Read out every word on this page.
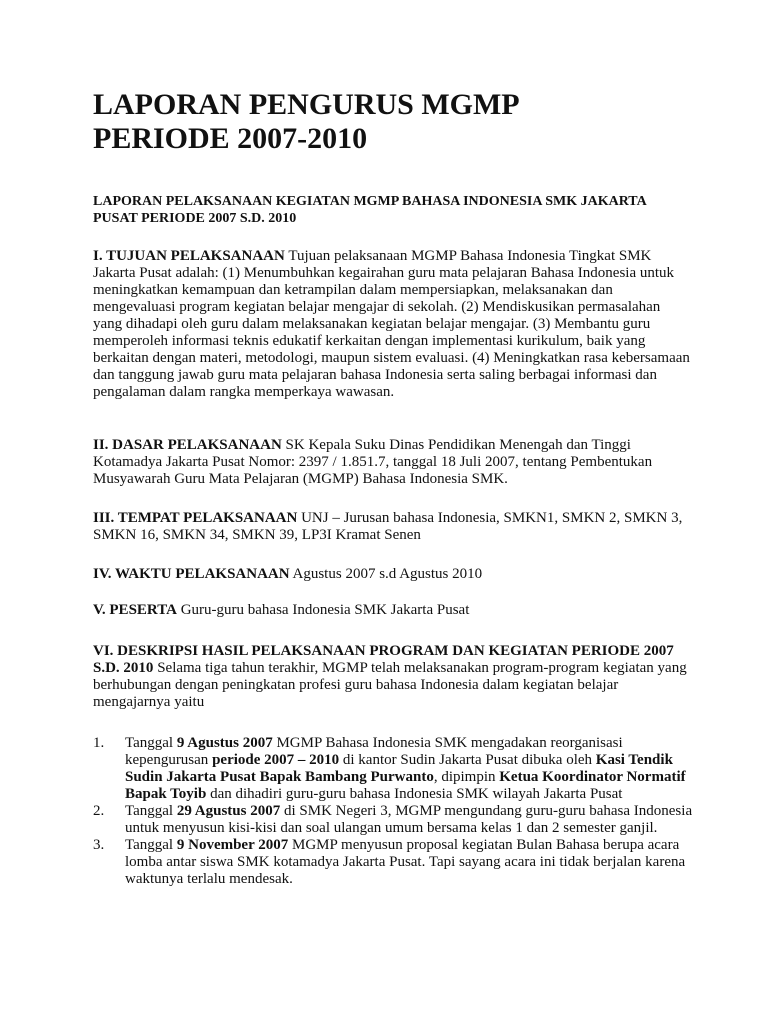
LAPORAN PENGURUS MGMP
PERIODE 2007-2010

LAPORAN PELAKSANAAN KEGIATAN MGMP BAHASA INDONESIA SMK JAKARTA PUSAT PERIODE 2007 S.D. 2010

I. TUJUAN PELAKSANAAN Tujuan pelaksanaan MGMP Bahasa Indonesia Tingkat SMK Jakarta Pusat adalah: (1) Menumbuhkan kegairahan guru mata pelajaran Bahasa Indonesia untuk meningkatkan kemampuan dan ketrampilan dalam mempersiapkan, melaksanakan dan mengevaluasi program kegiatan belajar mengajar di sekolah. (2) Mendiskusikan permasalahan yang dihadapi oleh guru dalam melaksanakan kegiatan belajar mengajar. (3) Membantu guru memperoleh informasi teknis edukatif kerkaitan dengan implementasi kurikulum, baik yang berkaitan dengan materi, metodologi, maupun sistem evaluasi. (4) Meningkatkan rasa kebersamaan dan tanggung jawab guru mata pelajaran bahasa Indonesia serta saling berbagai informasi dan pengalaman dalam rangka memperkaya wawasan.

II. DASAR PELAKSANAAN SK Kepala Suku Dinas Pendidikan Menengah dan Tinggi Kotamadya Jakarta Pusat Nomor: 2397 / 1.851.7, tanggal 18 Juli 2007, tentang Pembentukan Musyawarah Guru Mata Pelajaran (MGMP) Bahasa Indonesia SMK.

III. TEMPAT PELAKSANAAN UNJ – Jurusan bahasa Indonesia, SMKN1, SMKN 2, SMKN 3, SMKN 16, SMKN 34, SMKN 39, LP3I Kramat Senen

IV. WAKTU PELAKSANAAN Agustus 2007 s.d Agustus 2010

V. PESERTA Guru-guru bahasa Indonesia SMK Jakarta Pusat

VI. DESKRIPSI HASIL PELAKSANAAN PROGRAM DAN KEGIATAN PERIODE 2007 S.D. 2010 Selama tiga tahun terakhir, MGMP telah melaksanakan program-program kegiatan yang berhubungan dengan peningkatan profesi guru bahasa Indonesia dalam kegiatan belajar mengajarnya yaitu

1. Tanggal 9 Agustus 2007 MGMP Bahasa Indonesia SMK mengadakan reorganisasi kepengurusan periode 2007 – 2010 di kantor Sudin Jakarta Pusat dibuka oleh Kasi Tendik Sudin Jakarta Pusat Bapak Bambang Purwanto, dipimpin Ketua Koordinator Normatif Bapak Toyib dan dihadiri guru-guru bahasa Indonesia SMK wilayah Jakarta Pusat
2. Tanggal 29 Agustus 2007 di SMK Negeri 3, MGMP mengundang guru-guru bahasa Indonesia untuk menyusun kisi-kisi dan soal ulangan umum bersama kelas 1 dan 2 semester ganjil.
3. Tanggal 9 November 2007 MGMP menyusun proposal kegiatan Bulan Bahasa berupa acara lomba antar siswa SMK kotamadya Jakarta Pusat. Tapi sayang acara ini tidak berjalan karena waktunya terlalu mendesak.
